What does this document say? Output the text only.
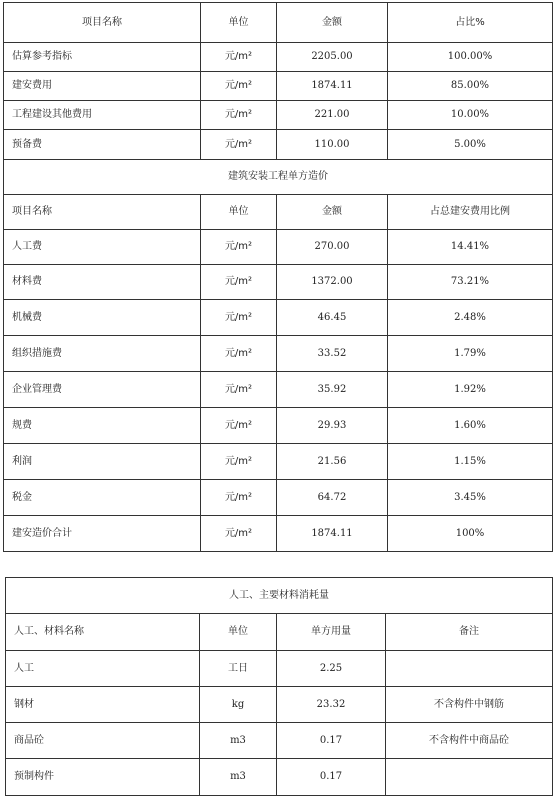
项目名称	单位	金额	占比%
估算参考指标	元/m²	2205.00	100.00%
建安费用	元/m²	1874.11	85.00%
工程建设其他费用	元/m²	221.00	10.00%
预备费	元/m²	110.00	5.00%
建筑安装工程单方造价			
项目名称	单位	金额	占总建安费用比例
人工费	元/m²	270.00	14.41%
材料费	元/m²	1372.00	73.21%
机械费	元/m²	46.45	2.48%
组织措施费	元/m²	33.52	1.79%
企业管理费	元/m²	35.92	1.92%
规费	元/m²	29.93	1.60%
利润	元/m²	21.56	1.15%
税金	元/m²	64.72	3.45%
建安造价合计	元/m²	1874.11	100%
人工、主要材料消耗量			
人工、材料名称	单位	单方用量	备注
人工	工日	2.25	
钢材	kg	23.32	不含构件中钢筋
商品砼	m3	0.17	不含构件中商品砼
预制构件	m3	0.17	
